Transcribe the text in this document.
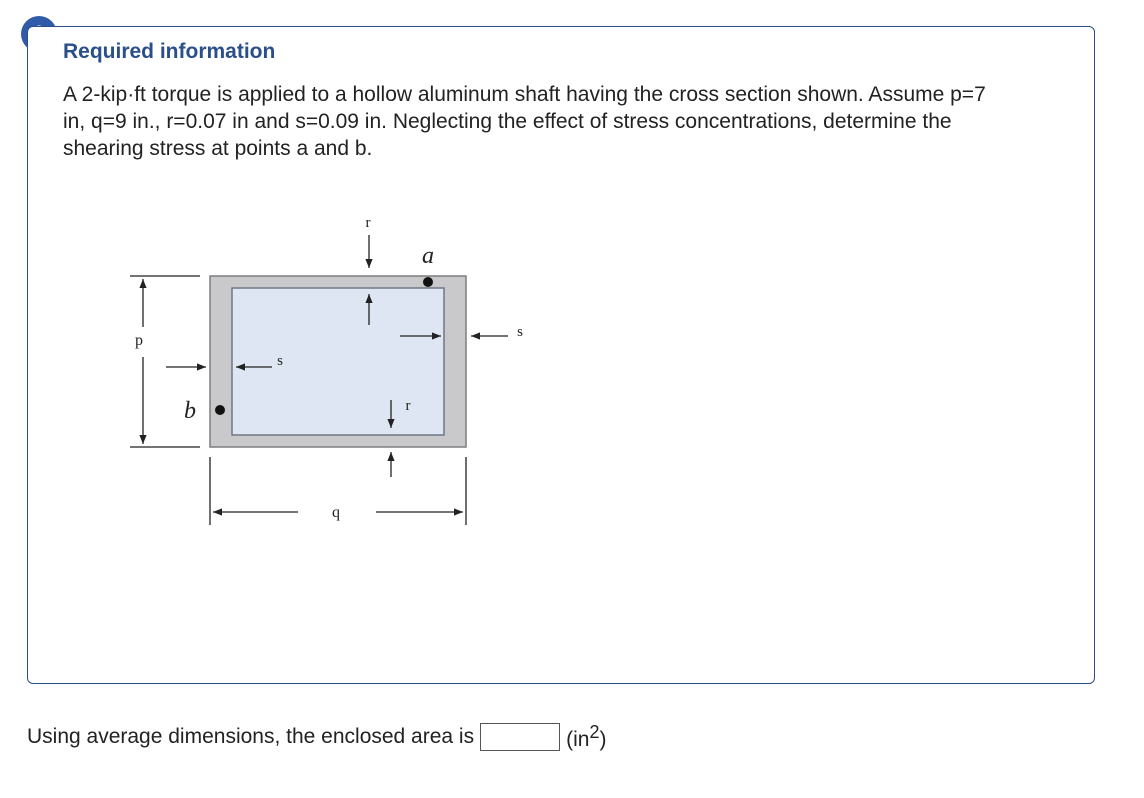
Required information

A 2-kip·ft torque is applied to a hollow aluminum shaft having the cross section shown. Assume p=7 in, q=9 in., r=0.07 in and s=0.09 in. Neglecting the effect of stress concentrations, determine the shearing stress at points a and b.

r
a
s
p
s
b	r
q
Using average dimensions, the enclosed area is	$(in^2)$
